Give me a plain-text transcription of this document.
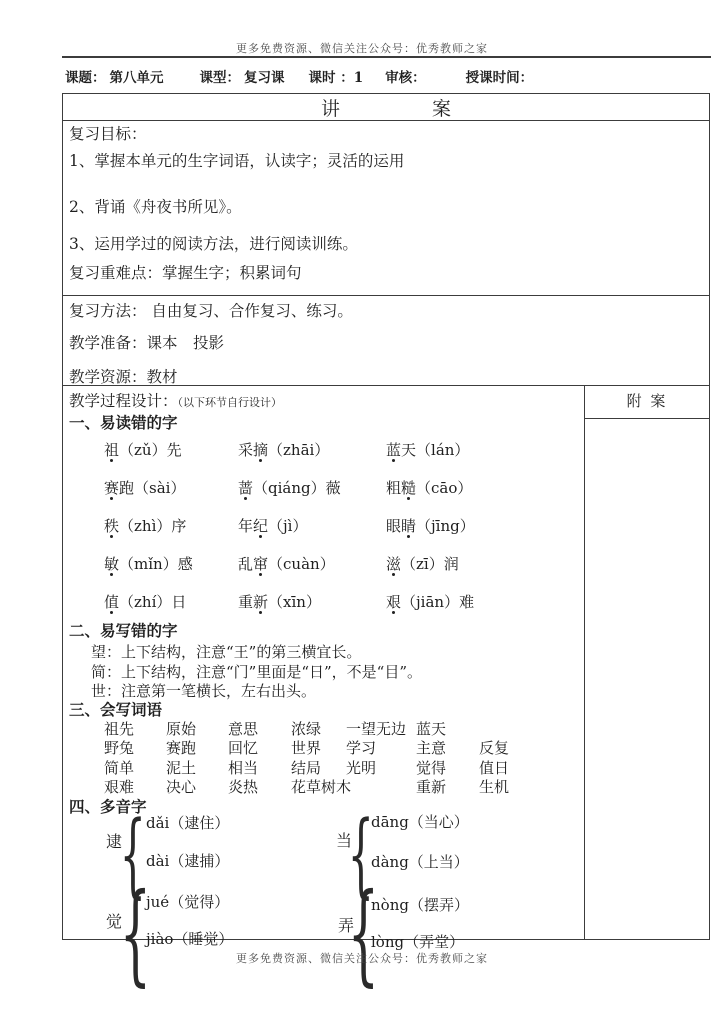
更多免费资源、微信关注公众号：优秀教师之家
课题： 第八单元	课型： 复习课 课时 ： 1 审核：	授课时间：
讲	案

复习目标：

1、掌握本单元的生字词语，认读字；灵活的运用

2、背诵《舟夜书所见》。

3、运用学过的阅读方法，进行阅读训练。

复习重难点：掌握生字；积累词句

复习方法： 自由复习、合作复习、练习。

教学准备：课本　投影

教学资源：教材

教学过程设计：（以下环节自行设计）

一、易读错的字

祖（zǔ）先	采摘（zhāi）	蓝天（lán）
赛跑（sài）	蔷（qiáng）薇	粗糙（cāo）
秩（zhì）序	年纪（jì）	眼睛（jīng）
敏（mǐn）感	乱窜（cuàn）	滋（zī）润
值（zhí）日	重新（xīn）	艰（jiān）难

二、易写错的字

望：上下结构，注意“王”的第三横宜长。

简：上下结构，注意“门”里面是“日”，不是“目”。

世：注意第一笔横长，左右出头。

三、会写词语

祖先	原始	意思	浓绿	一望无边 蓝天
野兔	赛跑	回忆	世界	学习	主意	反复
简单	泥土	相当	结局	光明	觉得	值日
艰难	决心	炎热	花草树木	重新	生机

四、多音字

逮
{
dǎi（逮住）
dài（逮捕）
当
{
dāng（当心）
dàng（上当）
觉
{
jué（觉得）
jiào（睡觉）
弄
{
nòng（摆弄）
lòng（弄堂）
附 案
更多免费资源、微信关注公众号：优秀教师之家
